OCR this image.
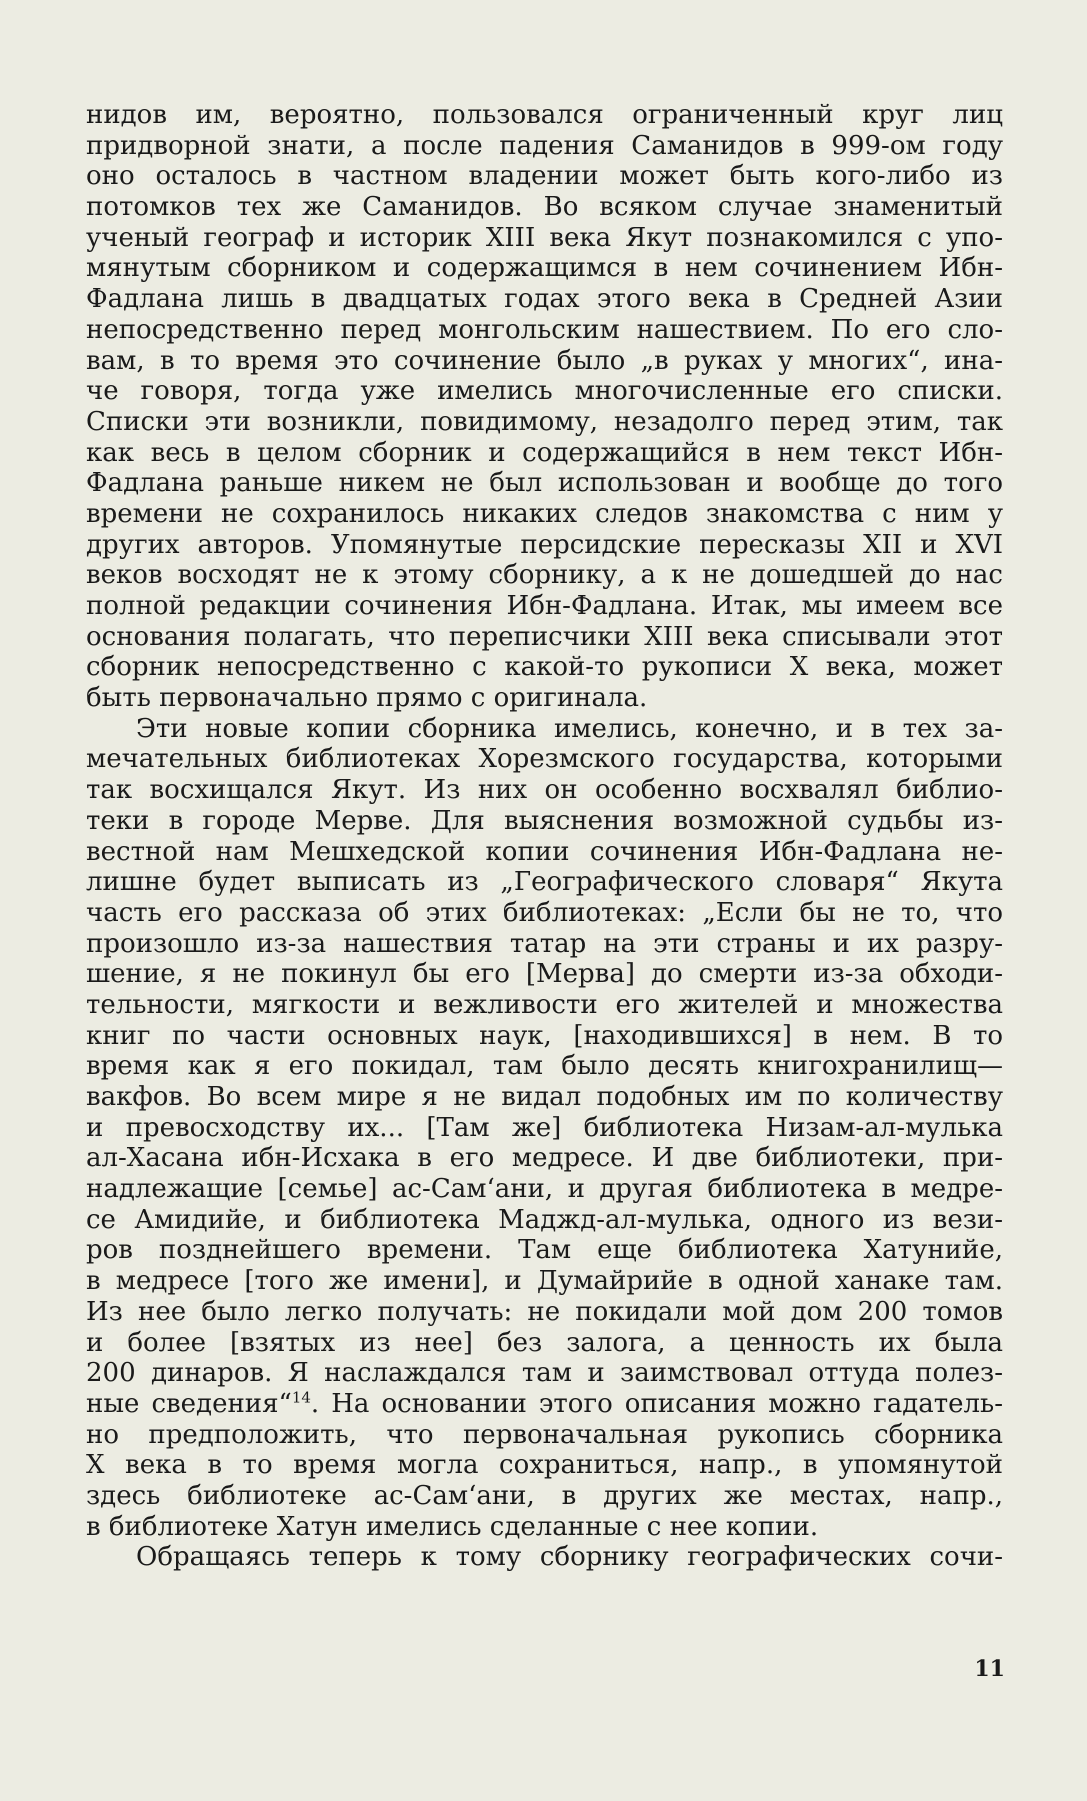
нидов им, вероятно, пользовался ограниченный круг лиц
придворной знати, а после падения Саманидов в 999-ом году
оно осталось в частном владении может быть кого-либо из
потомков тех же Саманидов. Во всяком случае знаменитый
ученый географ и историк XIII века Якут познакомился с упо-
мянутым сборником и содержащимся в нем сочинением Ибн-
Фадлана лишь в двадцатых годах этого века в Средней Азии
непосредственно перед монгольским нашествием. По его сло-
вам, в то время это сочинение было „в руках у многих“, ина-
че говоря, тогда уже имелись многочисленные его списки.
Списки эти возникли, повидимому, незадолго перед этим, так
как весь в целом сборник и содержащийся в нем текст Ибн-
Фадлана раньше никем не был использован и вообще до того
времени не сохранилось никаких следов знакомства с ним у
других авторов. Упомянутые персидские пересказы XII и XVI
веков восходят не к этому сборнику, а к не дошедшей до нас
полной редакции сочинения Ибн-Фадлана. Итак, мы имеем все
основания полагать, что переписчики XIII века списывали этот
сборник непосредственно с какой-то рукописи X века, может
быть первоначально прямо с оригинала.
Эти новые копии сборника имелись, конечно, и в тех за-
мечательных библиотеках Хорезмского государства, которыми
так восхищался Якут. Из них он особенно восхвалял библио-
теки в городе Мерве. Для выяснения возможной судьбы из-
вестной нам Мешхедской копии сочинения Ибн-Фадлана не-
лишне будет выписать из „Географического словаря“ Якута
часть его рассказа об этих библиотеках: „Если бы не то, что
произошло из-за нашествия татар на эти страны и их разру-
шение, я не покинул бы его [Мерва] до смерти из-за обходи-
тельности, мягкости и вежливости его жителей и множества
книг по части основных наук, [находившихся] в нем. В то
время как я его покидал, там было десять книгохранилищ—
вакфов. Во всем мире я не видал подобных им по количеству
и превосходству их... [Там же] библиотека Низам-ал-мулька
ал-Хасана ибн-Исхака в его медресе. И две библиотеки, при-
надлежащие [семье] ас-Сам‘ани, и другая библиотека в медре-
се Амидийе, и библиотека Маджд-ал-мулька, одного из вези-
ров позднейшего времени. Там еще библиотека Хатунийе,
в медресе [того же имени], и Думайрийе в одной ханаке там.
Из нее было легко получать: не покидали мой дом 200 томов
и более [взятых из нее] без залога, а ценность их была
200 динаров. Я наслаждался там и заимствовал оттуда полез-
ные сведения“$^{14}$. На основании этого описания можно гадатель-
но предположить, что первоначальная рукопись сборника
X века в то время могла сохраниться, напр., в упомянутой
здесь библиотеке ас-Сам‘ани, в других же местах, напр.,
в библиотеке Хатун имелись сделанные с нее копии.
Обращаясь теперь к тому сборнику географических сочи-
11
